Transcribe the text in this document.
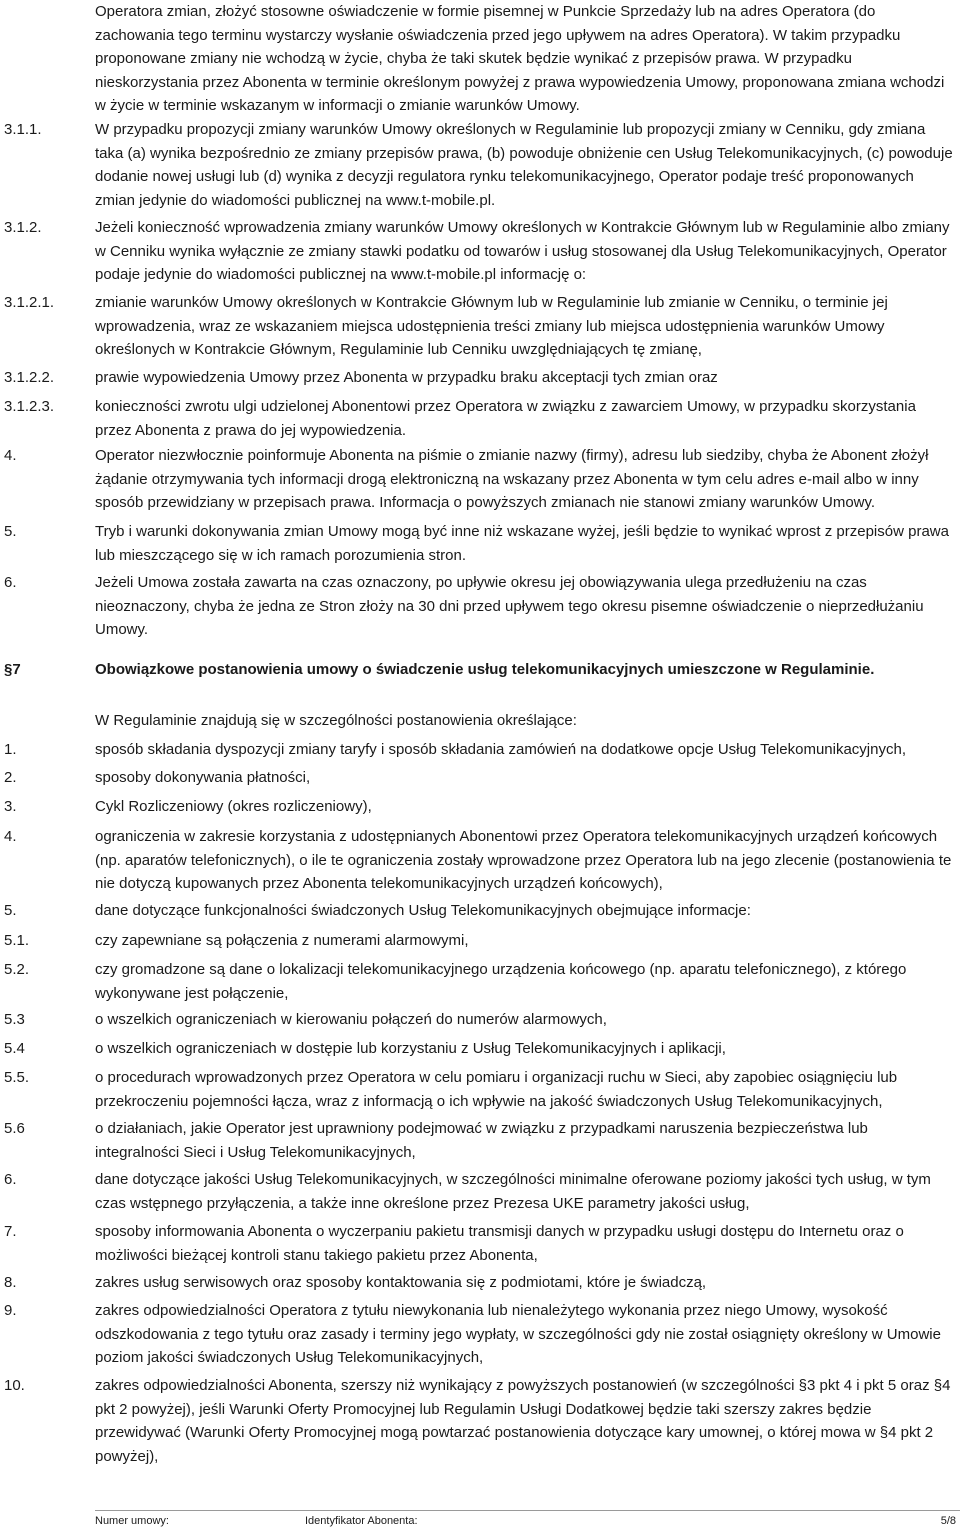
Operatora zmian, złożyć stosowne oświadczenie w formie pisemnej w Punkcie Sprzedaży lub na adres Operatora (do zachowania tego terminu wystarczy wysłanie oświadczenia przed jego upływem na adres Operatora). W takim przypadku proponowane zmiany nie wchodzą w życie, chyba że taki skutek będzie wynikać z przepisów prawa. W przypadku nieskorzystania przez Abonenta w terminie określonym powyżej z prawa wypowiedzenia Umowy, proponowana zmiana wchodzi w życie w terminie wskazanym w informacji o zmianie warunków Umowy.
3.1.1.	W przypadku propozycji zmiany warunków Umowy określonych w Regulaminie lub propozycji zmiany w Cenniku, gdy zmiana taka (a) wynika bezpośrednio ze zmiany przepisów prawa, (b) powoduje obniżenie cen Usług Telekomunikacyjnych, (c) powoduje dodanie nowej usługi lub (d) wynika z decyzji regulatora rynku telekomunikacyjnego, Operator podaje treść proponowanych zmian jedynie do wiadomości publicznej na www.t-mobile.pl.
3.1.2.	Jeżeli konieczność wprowadzenia zmiany warunków Umowy określonych w Kontrakcie Głównym lub w Regulaminie albo zmiany w Cenniku wynika wyłącznie ze zmiany stawki podatku od towarów i usług stosowanej dla Usług Telekomunikacyjnych, Operator podaje jedynie do wiadomości publicznej na www.t-mobile.pl informację o:
3.1.2.1.	zmianie warunków Umowy określonych w Kontrakcie Głównym lub w Regulaminie lub zmianie w Cenniku, o terminie jej wprowadzenia, wraz ze wskazaniem miejsca udostępnienia treści zmiany lub miejsca udostępnienia warunków Umowy określonych w Kontrakcie Głównym, Regulaminie lub Cenniku uwzględniających tę zmianę,
3.1.2.2.	prawie wypowiedzenia Umowy przez Abonenta w przypadku braku akceptacji tych zmian oraz
3.1.2.3.	konieczności zwrotu ulgi udzielonej Abonentowi przez Operatora w związku z zawarciem Umowy, w przypadku skorzystania przez Abonenta z prawa do jej wypowiedzenia.
4.	Operator niezwłocznie poinformuje Abonenta na piśmie o zmianie nazwy (firmy), adresu lub siedziby, chyba że Abonent złożył żądanie otrzymywania tych informacji drogą elektroniczną na wskazany przez Abonenta w tym celu adres e-mail albo w inny sposób przewidziany w przepisach prawa. Informacja o powyższych zmianach nie stanowi zmiany warunków Umowy.
5.	Tryb i warunki dokonywania zmian Umowy mogą być inne niż wskazane wyżej, jeśli będzie to wynikać wprost z przepisów prawa lub mieszczącego się w ich ramach porozumienia stron.
6.	Jeżeli Umowa została zawarta na czas oznaczony, po upływie okresu jej obowiązywania ulega przedłużeniu na czas nieoznaczony, chyba że jedna ze Stron złoży na 30 dni przed upływem tego okresu pisemne oświadczenie o nieprzedłużaniu Umowy.
§7	Obowiązkowe postanowienia umowy o świadczenie usług telekomunikacyjnych umieszczone w Regulaminie.
W Regulaminie znajdują się w szczególności postanowienia określające:
1.	sposób składania dyspozycji zmiany taryfy i sposób składania zamówień na dodatkowe opcje Usług Telekomunikacyjnych,
2.	sposoby dokonywania płatności,
3.	Cykl Rozliczeniowy (okres rozliczeniowy),
4.	ograniczenia w zakresie korzystania z udostępnianych Abonentowi przez Operatora telekomunikacyjnych urządzeń końcowych (np. aparatów telefonicznych), o ile te ograniczenia zostały wprowadzone przez Operatora lub na jego zlecenie (postanowienia te nie dotyczą kupowanych przez Abonenta telekomunikacyjnych urządzeń końcowych),
5.	dane dotyczące funkcjonalności świadczonych Usług Telekomunikacyjnych obejmujące informacje:
5.1.	czy zapewniane są połączenia z numerami alarmowymi,
5.2.	czy gromadzone są dane o lokalizacji telekomunikacyjnego urządzenia końcowego (np. aparatu telefonicznego), z którego wykonywane jest połączenie,
5.3	o wszelkich ograniczeniach w kierowaniu połączeń do numerów alarmowych,
5.4	o wszelkich ograniczeniach w dostępie lub korzystaniu z Usług Telekomunikacyjnych i aplikacji,
5.5.	o procedurach wprowadzonych przez Operatora w celu pomiaru i organizacji ruchu w Sieci, aby zapobiec osiągnięciu lub przekroczeniu pojemności łącza, wraz z informacją o ich wpływie na jakość świadczonych Usług Telekomunikacyjnych,
5.6	o działaniach, jakie Operator jest uprawniony podejmować w związku z przypadkami naruszenia bezpieczeństwa lub integralności Sieci i Usług Telekomunikacyjnych,
6.	dane dotyczące jakości Usług Telekomunikacyjnych, w szczególności minimalne oferowane poziomy jakości tych usług, w tym czas wstępnego przyłączenia, a także inne określone przez Prezesa UKE parametry jakości usług,
7.	sposoby informowania Abonenta o wyczerpaniu pakietu transmisji danych w przypadku usługi dostępu do Internetu oraz o możliwości bieżącej kontroli stanu takiego pakietu przez Abonenta,
8.	zakres usług serwisowych oraz sposoby kontaktowania się z podmiotami, które je świadczą,
9.	zakres odpowiedzialności Operatora z tytułu niewykonania lub nienależytego wykonania przez niego Umowy, wysokość odszkodowania z tego tytułu oraz zasady i terminy jego wypłaty, w szczególności gdy nie został osiągnięty określony w Umowie poziom jakości świadczonych Usług Telekomunikacyjnych,
10.	zakres odpowiedzialności Abonenta, szerszy niż wynikający z powyższych postanowień (w szczególności §3 pkt 4 i pkt 5 oraz §4 pkt 2 powyżej), jeśli Warunki Oferty Promocyjnej lub Regulamin Usługi Dodatkowej będzie taki szerszy zakres będzie przewidywać (Warunki Oferty Promocyjnej mogą powtarzać postanowienia dotyczące kary umownej, o której mowa w §4 pkt 2 powyżej),
Numer umowy:	Identyfikator Abonenta:	5/8
